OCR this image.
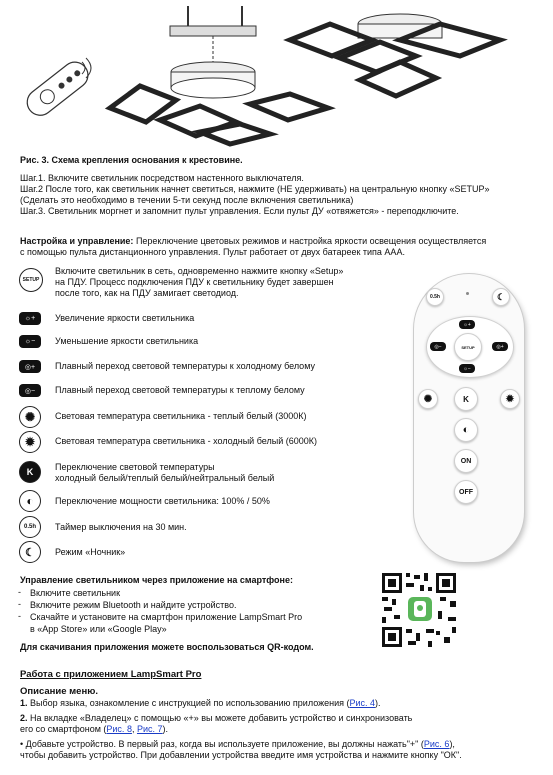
Рис. 3. Схема крепления основания к крестовине.
Шаг.1. Включите светильник посредством настенного выключателя.
Шаг.2 После того, как светильник начнет светиться, нажмите (НЕ удерживать) на центральную кнопку «SETUP»
(Сделать это необходимо в течении 5-ти секунд после включения светильника)
Шаг.3. Светильник моргнет и запомнит пульт управления. Если пульт ДУ «отвяжется» - переподключите.
Настройка и управление: Переключение цветовых режимов и настройка яркости освещения осуществляется
с помощью пульта дистанционного управления. Пульт работает от двух батареек типа ААА.
SETUP
Включите светильник в сеть, одновременно нажмите кнопку «Setup»
на ПДУ. Процесс подключения ПДУ к светильнику будет завершен
после того, как на ПДУ замигает светодиод.
☼+	Увеличение яркости светильника
☼−	Уменьшение яркости светильника
◎+	Плавный переход световой температуры к холодному белому
◎−	Плавный переход световой температуры к теплому белому
✺	Световая температура светильника - теплый белый (3000К)
✹	Световая температура светильника - холодный белый (6000К)
K	Переключение световой температуры
холодный белый/теплый белый/нейтральный белый
◐	Переключение мощности светильника: 100% / 50%
0.5h	Таймер выключения на 30 мин.
☾	Режим «Ночник»
0.5h	☾
☼+
☼−
◎−	◎+
SETUP
✺	K	✹
◐
ON
OFF
Управление светильником через приложение на смартфоне:
- Включите светильник
- Включите режим Bluetooth и найдите устройство.
- Скачайте и установите на смартфон приложение LampSmart Pro
в «App Store» или «Google Play»
Для скачивания приложения можете воспользоваться QR-кодом.
Работа с приложением LampSmart Pro
Описание меню.
1. Выбор языка, ознакомление с инструкцией по использованию приложения (Рис. 4).
2. На вкладке «Владелец» с помощью «+» вы можете добавить устройство и синхронизовать
его со смартфоном (Рис. 8, Рис. 7).
• Добавьте устройство. В первый раз, когда вы используете приложение, вы должны нажать"+" (Рис. 6),
чтобы добавить устройство. При добавлении устройства введите имя устройства и нажмите кнопку "ОК".
